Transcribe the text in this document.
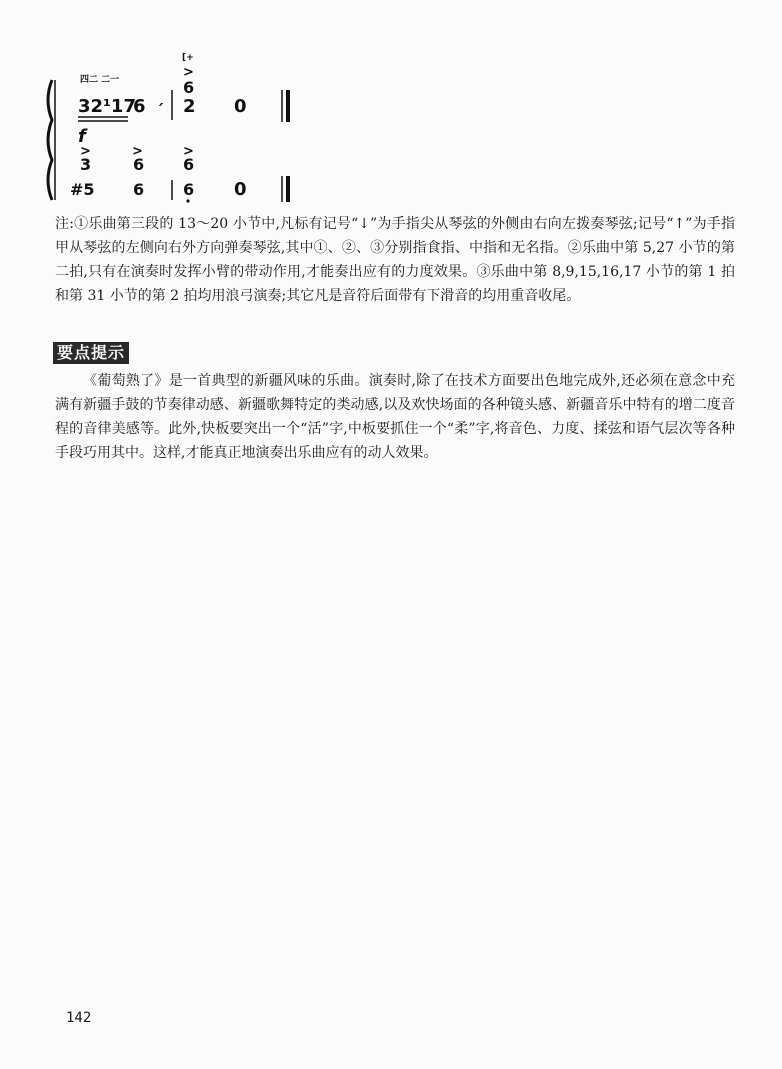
四二 二一
32¹17
6 ˏ
[+
>
6
2 0
f
>
3
#5
>
6
6
>
6
6 0

注:①乐曲第三段的 13～20 小节中,凡标有记号“↓”为手指尖从琴弦的外侧由右向左拨奏琴弦;记号“↑”为手指甲从琴弦的左侧向右外方向弹奏琴弦,其中①、②、③分别指食指、中指和无名指。②乐曲中第 5,27 小节的第二拍,只有在演奏时发挥小臂的带动作用,才能奏出应有的力度效果。③乐曲中第 8,9,15,16,17 小节的第 1 拍和第 31 小节的第 2 拍均用浪弓演奏;其它凡是音符后面带有下滑音的均用重音收尾。

要点提示

《葡萄熟了》是一首典型的新疆风味的乐曲。演奏时,除了在技术方面要出色地完成外,还必须在意念中充满有新疆手鼓的节奏律动感、新疆歌舞特定的类动感,以及欢快场面的各种镜头感、新疆音乐中特有的增二度音程的音律美感等。此外,快板要突出一个“活”字,中板要抓住一个“柔”字,将音色、力度、揉弦和语气层次等各种手段巧用其中。这样,才能真正地演奏出乐曲应有的动人效果。

142
